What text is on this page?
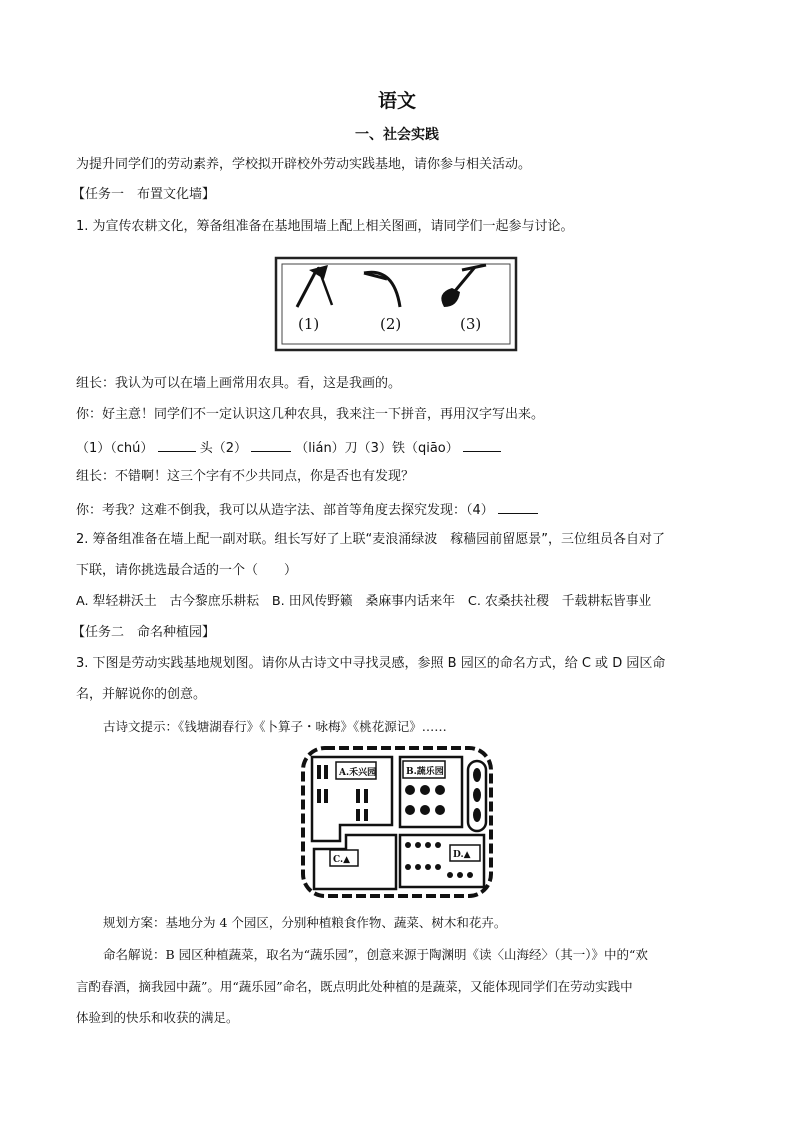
语文
一、社会实践
为提升同学们的劳动素养，学校拟开辟校外劳动实践基地，请你参与相关活动。
【任务一　布置文化墙】
1. 为宣传农耕文化，筹备组准备在基地围墙上配上相关图画，请同学们一起参与讨论。
(1)	(2)	(3)
组长：我认为可以在墙上画常用农具。看，这是我画的。
你：好主意！同学们不一定认识这几种农具，我来注一下拼音，再用汉字写出来。
（1）（chú）	头（2）	（lián）刀（3）铁（qiāo）
组长：不错啊！这三个字有不少共同点，你是否也有发现？
你：考我？这难不倒我，我可以从造字法、部首等角度去探究发现：（4）
2. 筹备组准备在墙上配一副对联。组长写好了上联“麦浪涌绿波　稼穑园前留愿景”，三位组员各自对了
下联，请你挑选最合适的一个（　　）
A. 犁轻耕沃土　古今黎庶乐耕耘　B. 田风传野籁　桑麻事内话来年　C. 农桑扶社稷　千载耕耘皆事业
【任务二　命名种植园】
3. 下图是劳动实践基地规划图。请你从古诗文中寻找灵感，参照 B 园区的命名方式，给 C 或 D 园区命
名，并解说你的创意。
古诗文提示：《钱塘湖春行》《卜算子・咏梅》《桃花源记》……
A.禾兴园	B.蔬乐园
C.▲	D.▲
规划方案：基地分为 4 个园区，分别种植粮食作物、蔬菜、树木和花卉。
命名解说：B 园区种植蔬菜，取名为“蔬乐园”，创意来源于陶渊明《读〈山海经〉（其一）》中的“欢
言酌春酒，摘我园中蔬”。用“蔬乐园”命名，既点明此处种植的是蔬菜，又能体现同学们在劳动实践中
体验到的快乐和收获的满足。
